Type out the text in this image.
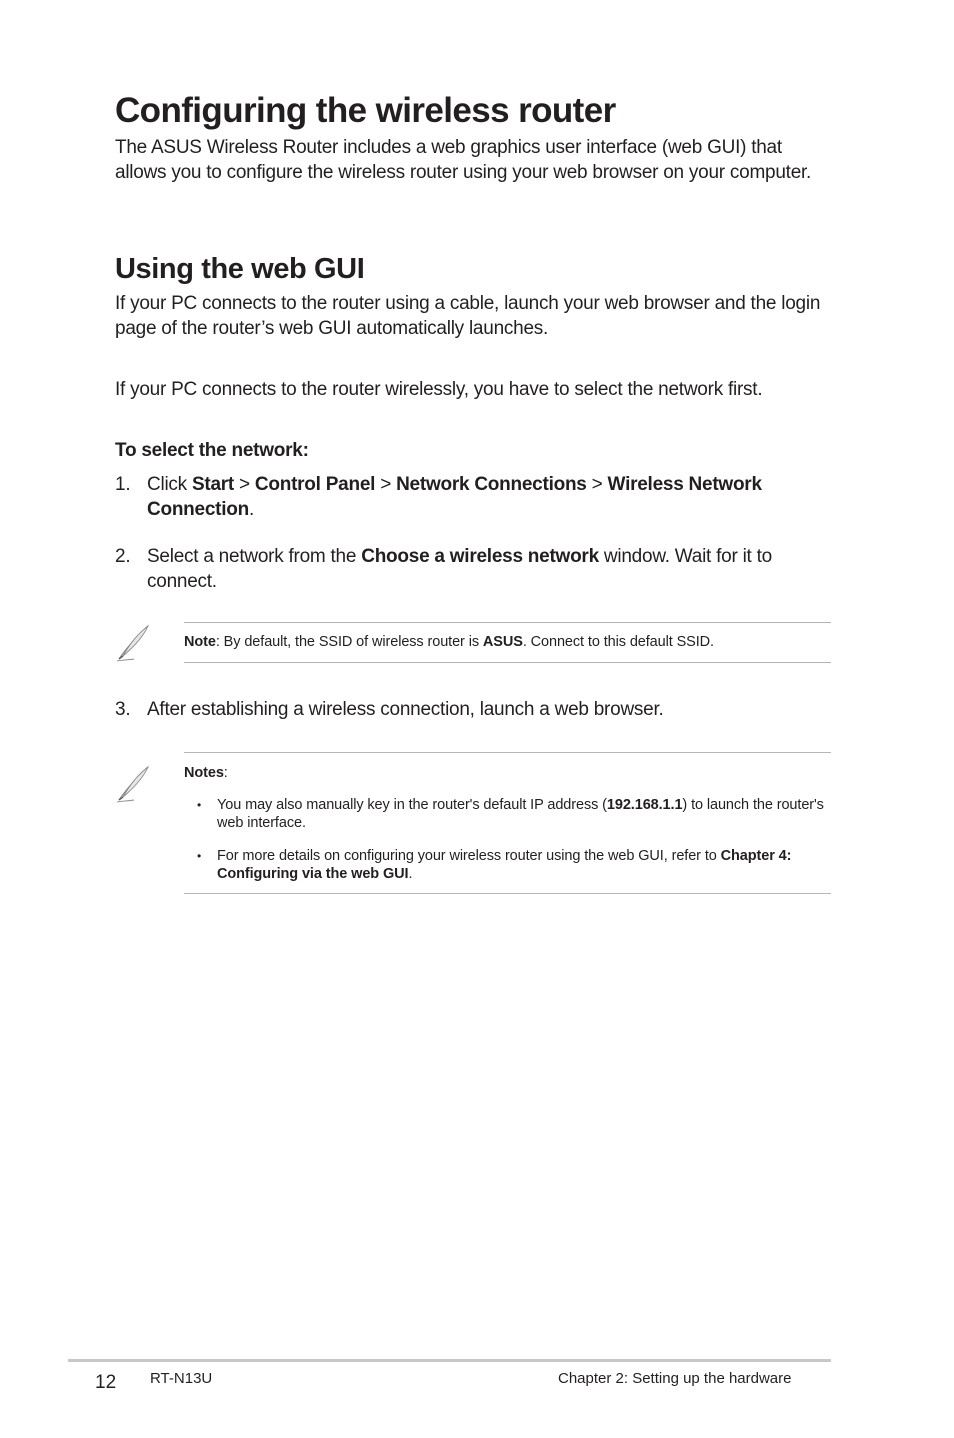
Configuring the wireless router
The ASUS Wireless Router includes a web graphics user interface (web GUI) that allows you to configure the wireless router using your web browser on your computer.
Using the web GUI
If your PC connects to the router using a cable, launch your web browser and the login page of the router’s web GUI automatically launches.
If your PC connects to the router wirelessly, you have to select the network first.
To select the network:
1. Click Start > Control Panel > Network Connections > Wireless Network Connection.
2. Select a network from the Choose a wireless network window. Wait for it to connect.
Note: By default, the SSID of wireless router is ASUS. Connect to this default SSID.
3. After establishing a wireless connection, launch a web browser.
Notes:
•	You may also manually key in the router's default IP address (192.168.1.1) to launch the router's web interface.
•	For more details on configuring your wireless router using the web GUI, refer to Chapter 4: Configuring via the web GUI.
12 RT-N13U	Chapter 2: Setting up the hardware
